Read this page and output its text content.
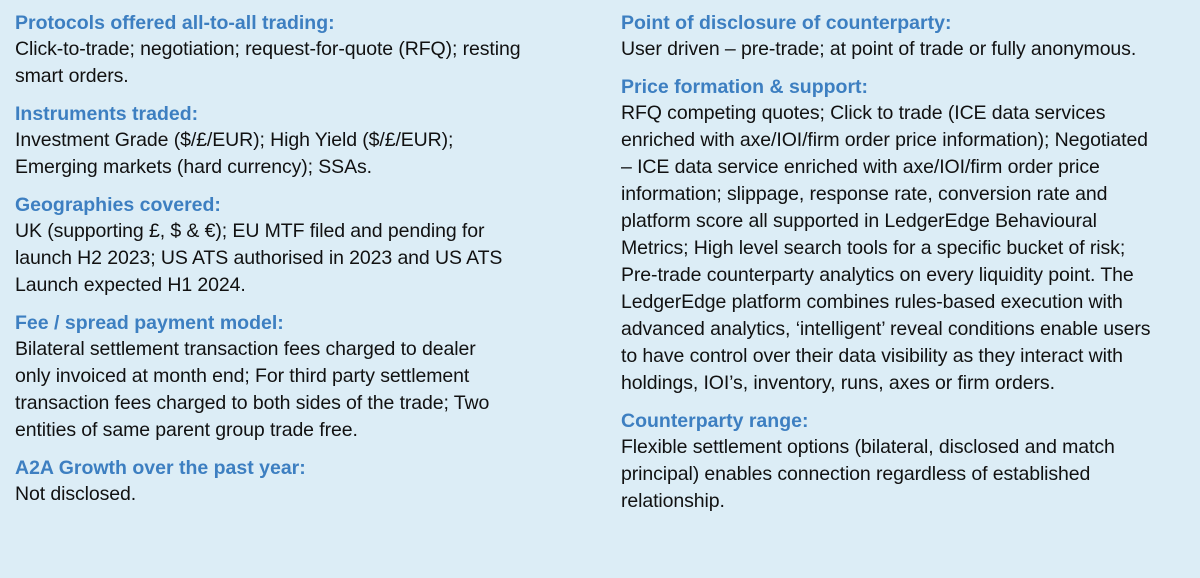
Protocols offered all-to-all trading:

Click-to-trade; negotiation; request-for-quote (RFQ); resting

smart orders.

Instruments traded:

Investment Grade ($/£/EUR); High Yield ($/£/EUR);

Emerging markets (hard currency); SSAs.

Geographies covered:

UK (supporting £, $ & €); EU MTF filed and pending for

launch H2 2023; US ATS authorised in 2023 and US ATS

Launch expected H1 2024.

Fee / spread payment model:

Bilateral settlement transaction fees charged to dealer

only invoiced at month end; For third party settlement

transaction fees charged to both sides of the trade; Two

entities of same parent group trade free.

A2A Growth over the past year:

Not disclosed.

Point of disclosure of counterparty:

User driven – pre-trade; at point of trade or fully anonymous.

Price formation & support:

RFQ competing quotes; Click to trade (ICE data services

enriched with axe/IOI/firm order price information); Negotiated

– ICE data service enriched with axe/IOI/firm order price

information; slippage, response rate, conversion rate and

platform score all supported in LedgerEdge Behavioural

Metrics; High level search tools for a specific bucket of risk;

Pre-trade counterparty analytics on every liquidity point. The

LedgerEdge platform combines rules-based execution with

advanced analytics, ‘intelligent’ reveal conditions enable users

to have control over their data visibility as they interact with

holdings, IOI’s, inventory, runs, axes or firm orders.

Counterparty range:

Flexible settlement options (bilateral, disclosed and match

principal) enables connection regardless of established

relationship.
